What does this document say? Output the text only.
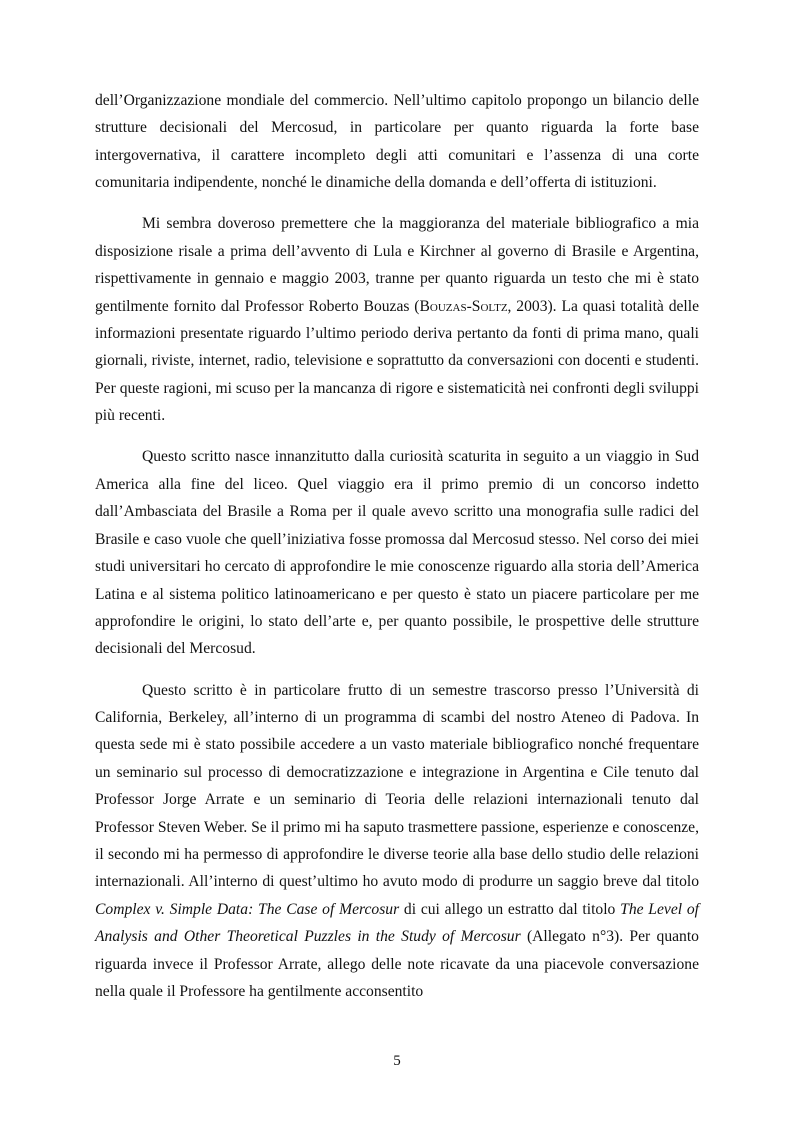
dell’Organizzazione mondiale del commercio. Nell’ultimo capitolo propongo un bilancio delle strutture decisionali del Mercosud, in particolare per quanto riguarda la forte base intergovernativa, il carattere incompleto degli atti comunitari e l’assenza di una corte comunitaria indipendente, nonché le dinamiche della domanda e dell’offerta di istituzioni.

Mi sembra doveroso premettere che la maggioranza del materiale bibliografico a mia disposizione risale a prima dell’avvento di Lula e Kirchner al governo di Brasile e Argentina, rispettivamente in gennaio e maggio 2003, tranne per quanto riguarda un testo che mi è stato gentilmente fornito dal Professor Roberto Bouzas (Bouzas-Soltz, 2003). La quasi totalità delle informazioni presentate riguardo l’ultimo periodo deriva pertanto da fonti di prima mano, quali giornali, riviste, internet, radio, televisione e soprattutto da conversazioni con docenti e studenti. Per queste ragioni, mi scuso per la mancanza di rigore e sistematicità nei confronti degli sviluppi più recenti.

Questo scritto nasce innanzitutto dalla curiosità scaturita in seguito a un viaggio in Sud America alla fine del liceo. Quel viaggio era il primo premio di un concorso indetto dall’Ambasciata del Brasile a Roma per il quale avevo scritto una monografia sulle radici del Brasile e caso vuole che quell’iniziativa fosse promossa dal Mercosud stesso. Nel corso dei miei studi universitari ho cercato di approfondire le mie conoscenze riguardo alla storia dell’America Latina e al sistema politico latinoamericano e per questo è stato un piacere particolare per me approfondire le origini, lo stato dell’arte e, per quanto possibile, le prospettive delle strutture decisionali del Mercosud.

Questo scritto è in particolare frutto di un semestre trascorso presso l’Università di California, Berkeley, all’interno di un programma di scambi del nostro Ateneo di Padova. In questa sede mi è stato possibile accedere a un vasto materiale bibliografico nonché frequentare un seminario sul processo di democratizzazione e integrazione in Argentina e Cile tenuto dal Professor Jorge Arrate e un seminario di Teoria delle relazioni internazionali tenuto dal Professor Steven Weber. Se il primo mi ha saputo trasmettere passione, esperienze e conoscenze, il secondo mi ha permesso di approfondire le diverse teorie alla base dello studio delle relazioni internazionali. All’interno di quest’ultimo ho avuto modo di produrre un saggio breve dal titolo Complex v. Simple Data: The Case of Mercosur di cui allego un estratto dal titolo The Level of Analysis and Other Theoretical Puzzles in the Study of Mercosur (Allegato n°3). Per quanto riguarda invece il Professor Arrate, allego delle note ricavate da una piacevole conversazione nella quale il Professore ha gentilmente acconsentito

5
